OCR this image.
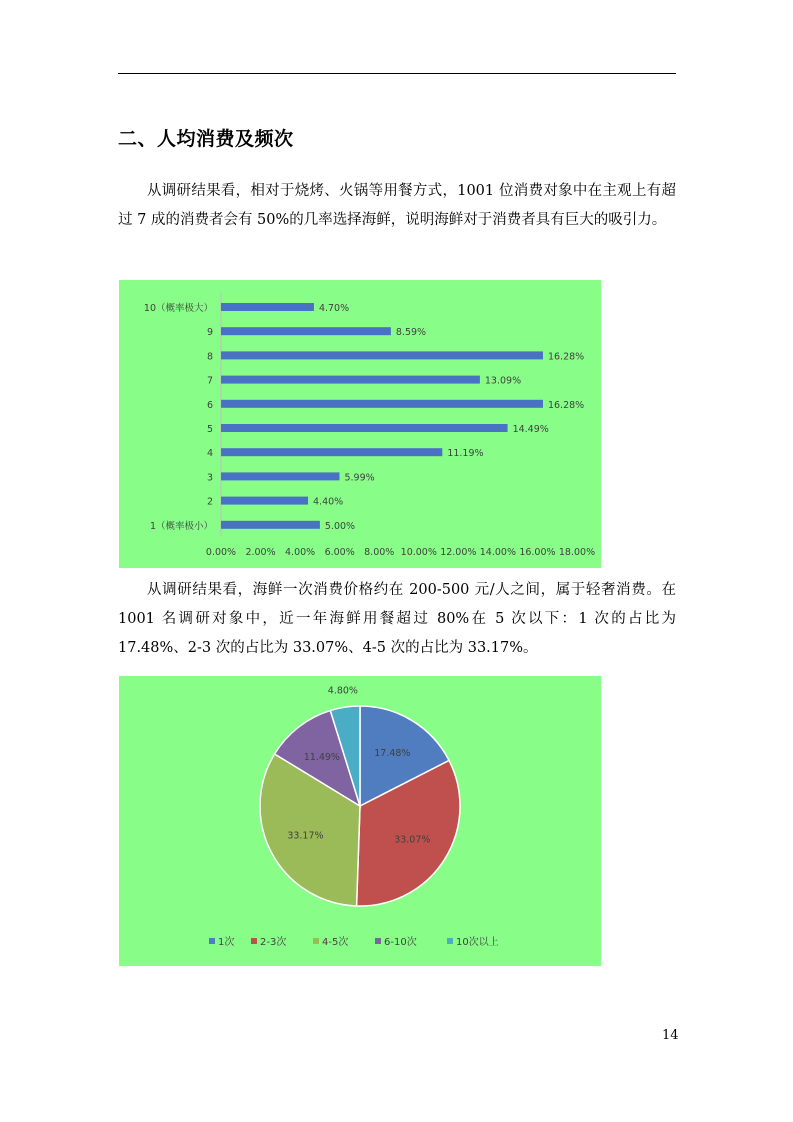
二、人均消费及频次

从调研结果看，相对于烧烤、火锅等用餐方式，1001 位消费对象中在主观上有超过 7 成的消费者会有 50%的几率选择海鲜，说明海鲜对于消费者具有巨大的吸引力。

10（概率极大）	4.70%
9	8.59%
8	16.28%
7	13.09%
6	16.28%
5	14.49%
4	11.19%
3	5.99%
2	4.40%
1（概率极小）	5.00%
0.00% 2.00% 4.00% 6.00% 8.00% 10.00% 12.00% 14.00% 16.00% 18.00%

从调研结果看，海鲜一次消费价格约在 200-500 元/人之间，属于轻奢消费。在 1001 名调研对象中，近一年海鲜用餐超过 80%在 5 次以下：1 次的占比为 17.48%、2-3 次的占比为 33.07%、4-5 次的占比为 33.17%。

17.48%
33.07%
33.17%
11.49%
4.80%
1次	2-3次	4-5次	6-10次	10次以上
14
